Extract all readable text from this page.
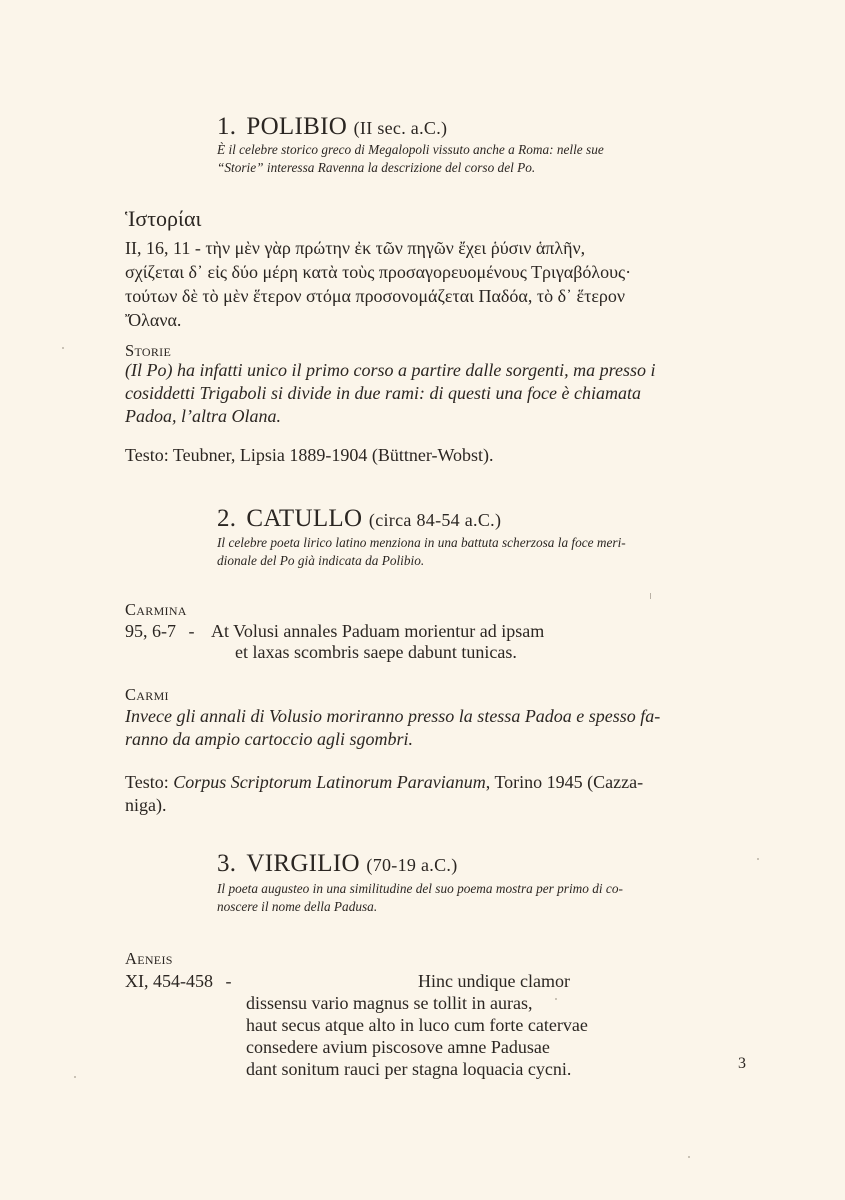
1. POLIBIO (II sec. a.C.)
È il celebre storico greco di Megalopoli vissuto anche a Roma: nelle sue
“Storie” interessa Ravenna la descrizione del corso del Po.
Ἱστορίαι

II, 16, 11 - τὴν μὲν γὰρ πρώτην ἐκ τῶν πηγῶν ἔχει ῥύσιν ἁπλῆν,

σχίζεται δ᾽ εἰς δύο μέρη κατὰ τοὺς προσαγορευομένους Τριγαβόλους·

τούτων δὲ τὸ μὲν ἕτερον στόμα προσονομάζεται Παδόα, τὸ δ᾽ ἕτερον

Ὄλανα.

Storie
(Il Po) ha infatti unico il primo corso a partire dalle sorgenti, ma presso i
cosiddetti Trigaboli si divide in due rami: di questi una foce è chiamata
Padoa, l’altra Olana.
Testo: Teubner, Lipsia 1889-1904 (Büttner-Wobst).
2. CATULLO (circa 84-54 a.C.)
Il celebre poeta lirico latino menziona in una battuta scherzosa la foce meri-
dionale del Po già indicata da Polibio.
Carmina
95, 6-7 - At Volusi annales Paduam morientur ad ipsam
et laxas scombris saepe dabunt tunicas.
Carmi
Invece gli annali di Volusio moriranno presso la stessa Padoa e spesso fa-
ranno da ampio cartoccio agli sgombri.
Testo: Corpus Scriptorum Latinorum Paravianum, Torino 1945 (Cazza-
niga).
3. VIRGILIO (70-19 a.C.)
Il poeta augusteo in una similitudine del suo poema mostra per primo di co-
noscere il nome della Padusa.
Aeneis
XI, 454-458 -	Hinc undique clamor
dissensu vario magnus se tollit in auras,
haut secus atque alto in luco cum forte catervae
consedere avium piscosove amne Padusae
dant sonitum rauci per stagna loquacia cycni.	3
